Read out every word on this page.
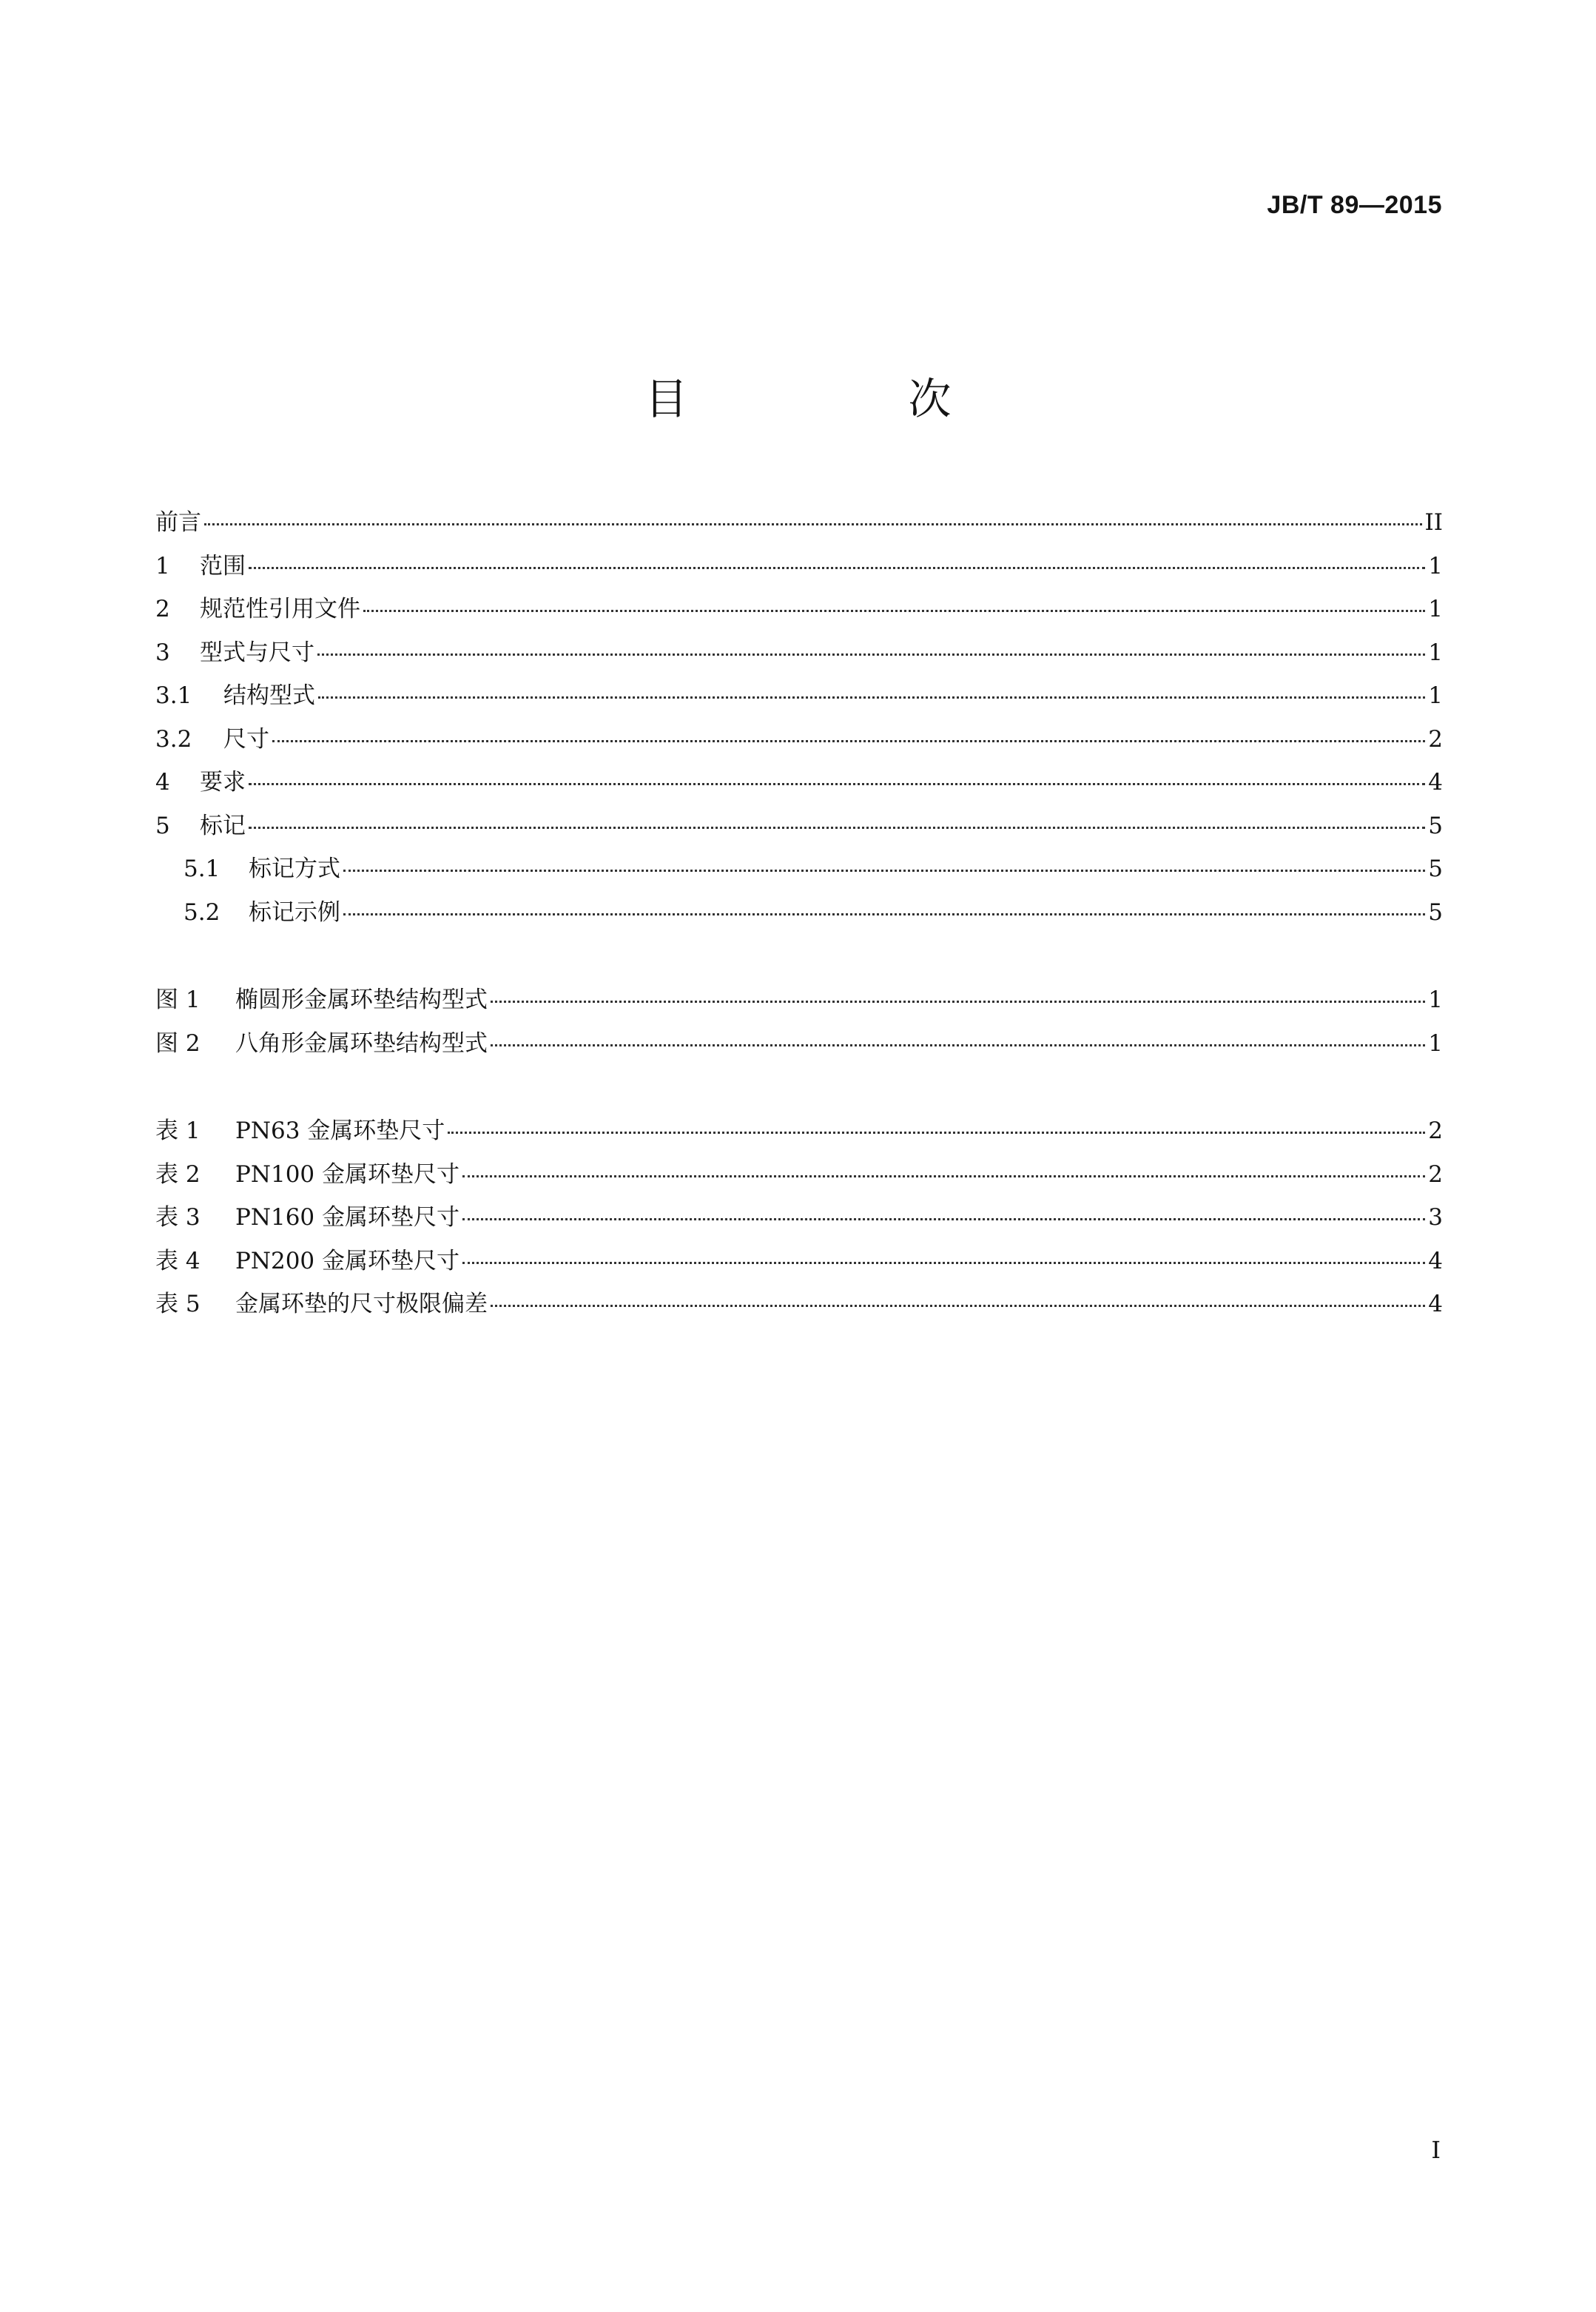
JB/T 89—2015
目　次
前言	II
1	范围	1
2	规范性引用文件	1
3	型式与尺寸	1
3.1	结构型式	1
3.2	尺寸	2
4	要求	4
5	标记	5
5.1	标记方式	5
5.2	标记示例	5
图 1	椭圆形金属环垫结构型式	1
图 2	八角形金属环垫结构型式	1
表 1	PN63 金属环垫尺寸	2
表 2	PN100 金属环垫尺寸	2
表 3	PN160 金属环垫尺寸	3
表 4	PN200 金属环垫尺寸	4
表 5	金属环垫的尺寸极限偏差	4
I
